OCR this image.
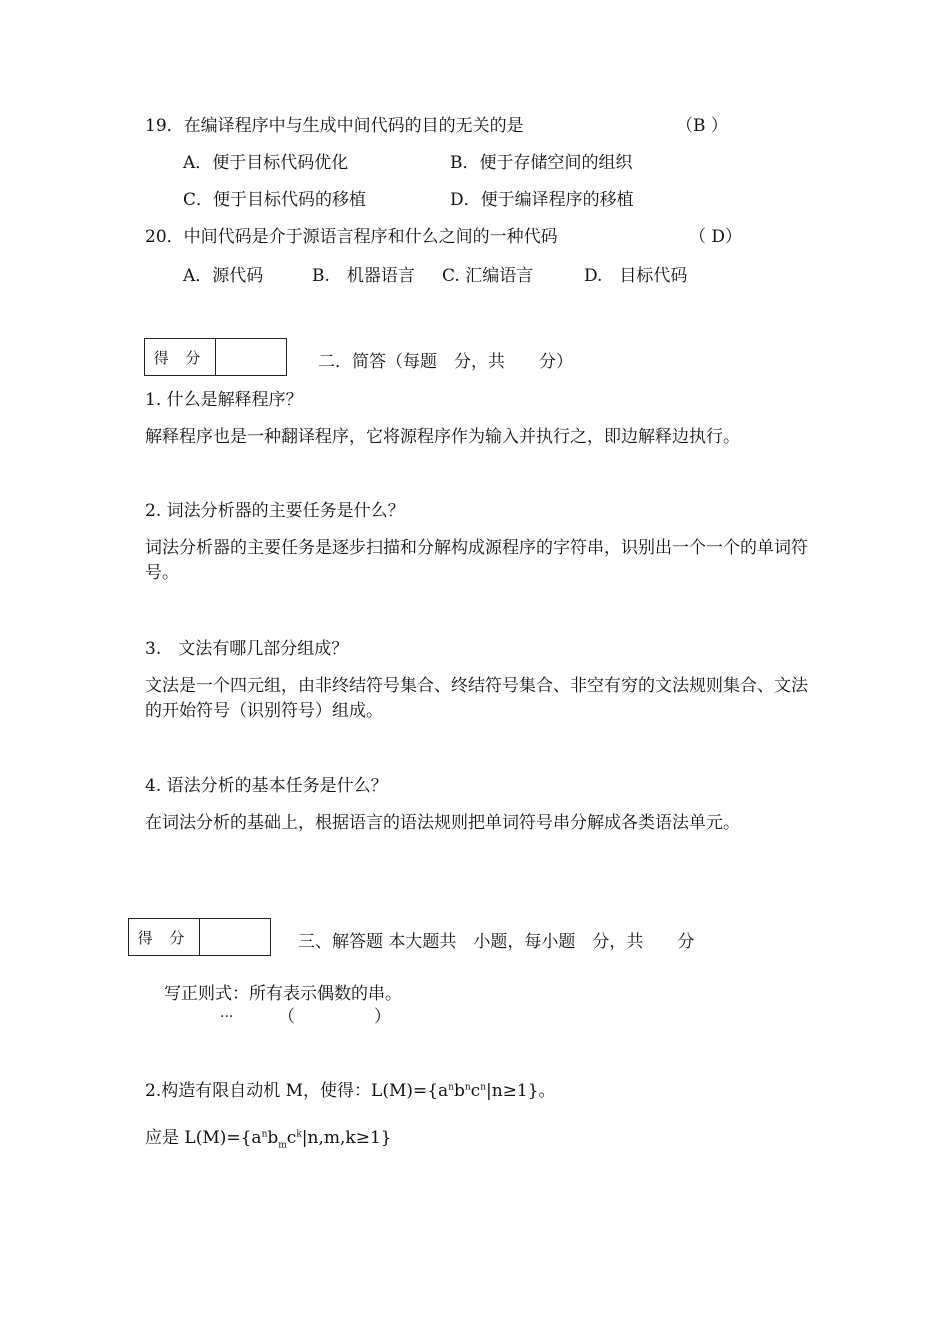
19．在编译程序中与生成中间代码的目的无关的是	（B ）
A．便于目标代码优化	B．便于存储空间的组织
C．便于目标代码的移植	D．便于编译程序的移植
20．中间代码是介于源语言程序和什么之间的一种代码	（ D）
A．源代码	B.　机器语言 C. 汇编语言	D.　目标代码
得 分	二．简答（每题　分，共　　分）
1. 什么是解释程序？
解释程序也是一种翻译程序，它将源程序作为输入并执行之，即边解释边执行。
2. 词法分析器的主要任务是什么？
词法分析器的主要任务是逐步扫描和分解构成源程序的字符串，识别出一个一个的单词符号。
3.　文法有哪几部分组成？
文法是一个四元组，由非终结符号集合、终结符号集合、非空有穷的文法规则集合、文法的开始符号（识别符号）组成。
4. 语法分析的基本任务是什么？
在词法分析的基础上，根据语言的语法规则把单词符号串分解成各类语法单元。
得 分	三、解答题 本大题共　小题，每小题　分，共　　分
写正则式：所有表示偶数的串。
···	（	）
2.构造有限自动机 M，使得：$L(M)=\{a^nb^nc^n|n\ge 1\}$。
应是 $L(M)=\{a^nb_mc^k|n,m,k\ge 1\}$
